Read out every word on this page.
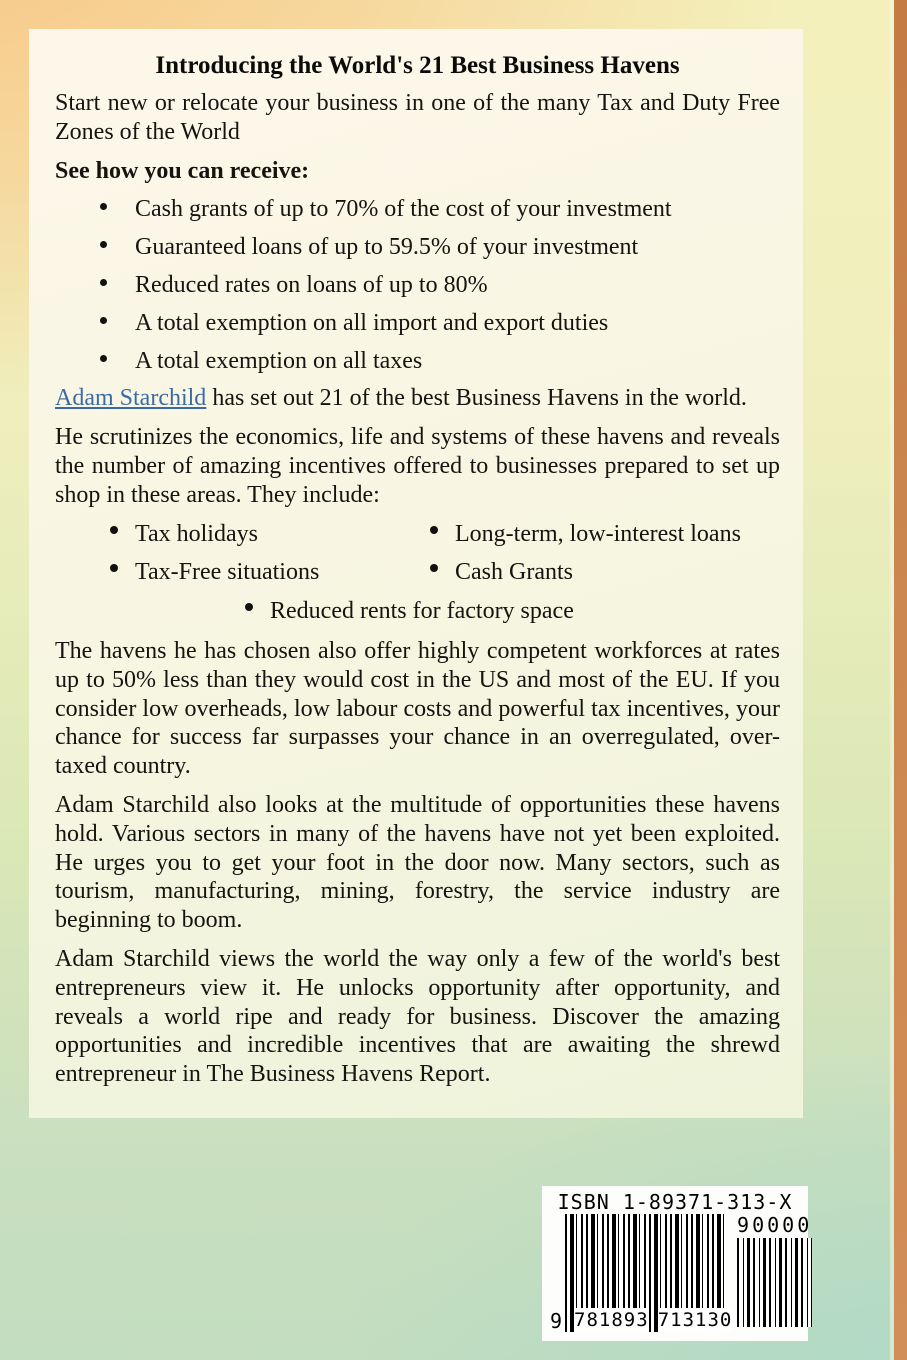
Introducing the World's 21 Best Business Havens
Start new or relocate your business in one of the many Tax and Duty Free Zones of the World
See how you can receive:
Cash grants of up to 70% of the cost of your investment
Guaranteed loans of up to 59.5% of your investment
Reduced rates on loans of up to 80%
A total exemption on all import and export duties
A total exemption on all taxes
Adam Starchild has set out 21 of the best Business Havens in the world.
He scrutinizes the economics, life and systems of these havens and reveals the number of amazing incentives offered to businesses prepared to set up shop in these areas. They include:
Tax holidays	Long-term, low-interest loans
Tax-Free situations	Cash Grants
Reduced rents for factory space
The havens he has chosen also offer highly competent workforces at rates up to 50% less than they would cost in the US and most of the EU. If you consider low overheads, low labour costs and powerful tax incentives, your chance for success far surpasses your chance in an overregulated, over-taxed country.
Adam Starchild also looks at the multitude of opportunities these havens hold. Various sectors in many of the havens have not yet been exploited. He urges you to get your foot in the door now. Many sectors, such as tourism, manufacturing, mining, forestry, the service industry are beginning to boom.
Adam Starchild views the world the way only a few of the world's best entrepreneurs view it. He unlocks opportunity after opportunity, and reveals a world ripe and ready for business. Discover the amazing opportunities and incredible incentives that are awaiting the shrewd entrepreneur in The Business Havens Report.
ISBN 1-89371-313-X
9 781893 713130
90000
